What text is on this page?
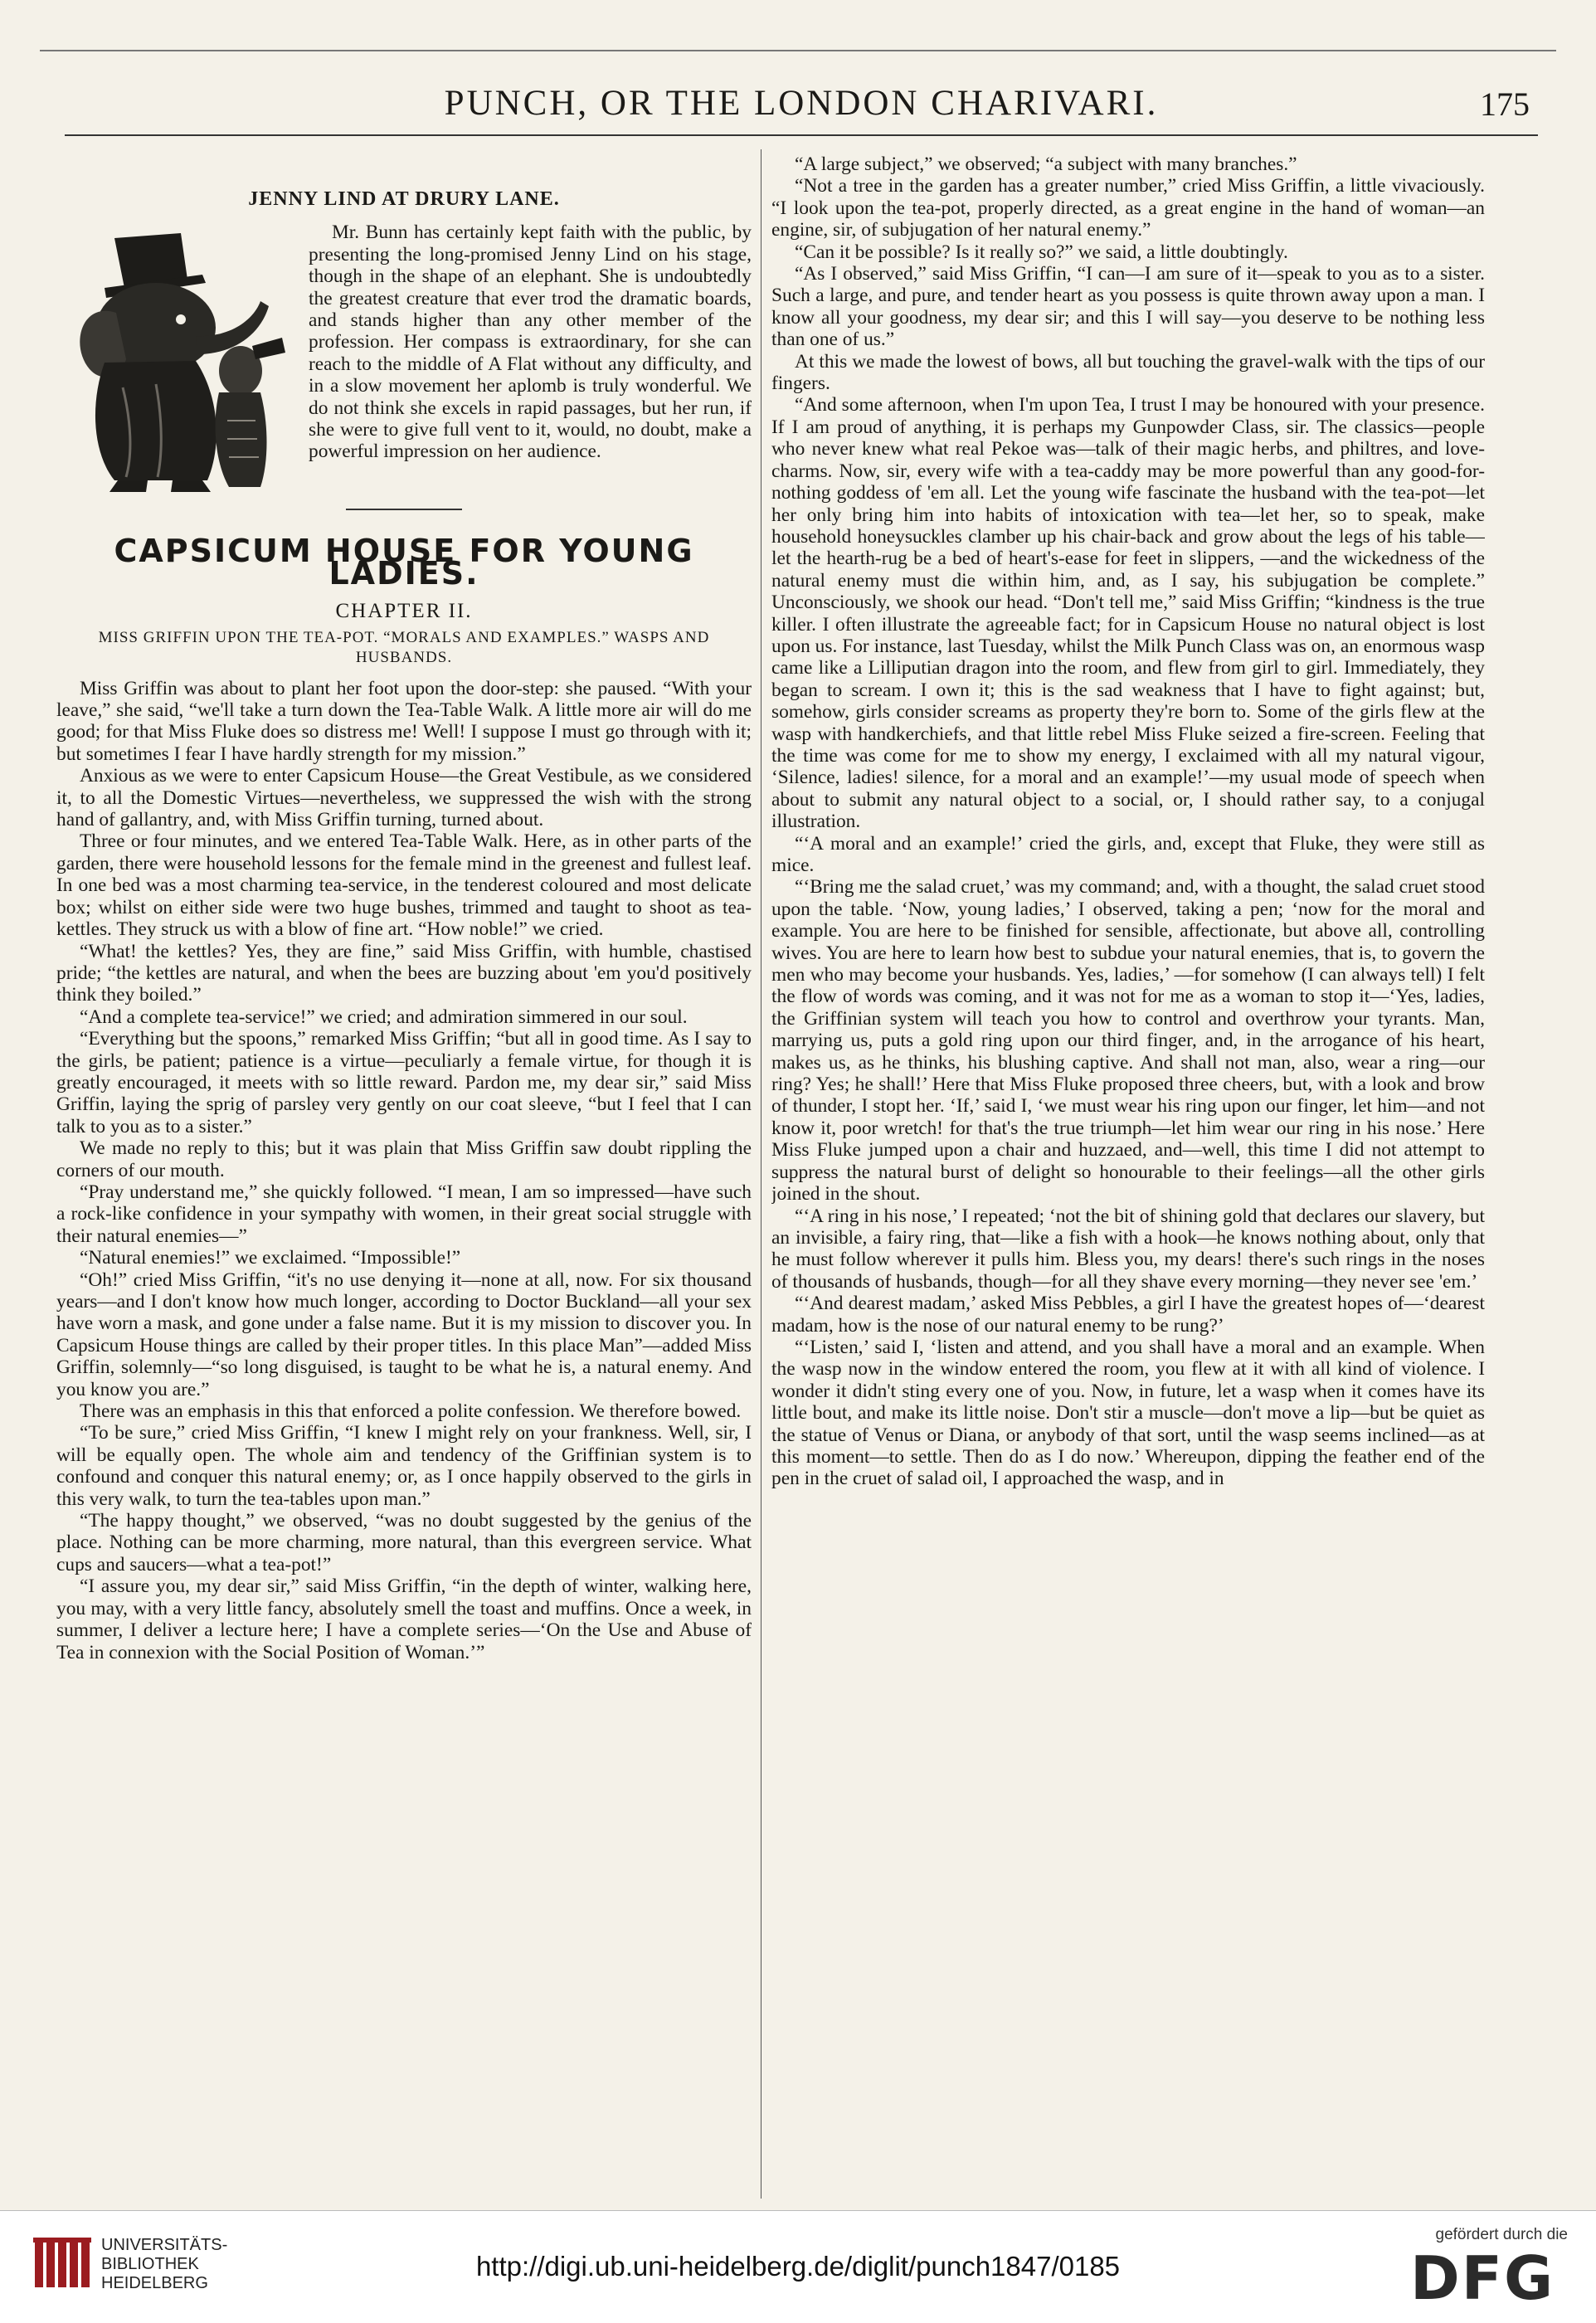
PUNCH, OR THE LONDON CHARIVARI.	175
JENNY LIND AT DRURY LANE.

Mr. Bunn has certainly kept faith with the public, by presenting the long-promised Jenny Lind on his stage, though in the shape of an elephant. She is undoubtedly the greatest creature that ever trod the dramatic boards, and stands higher than any other member of the profession. Her compass is extraordinary, for she can reach to the middle of A Flat without any difficulty, and in a slow movement her aplomb is truly wonderful. We do not think she excels in rapid passages, but her run, if she were to give full vent to it, would, no doubt, make a powerful impression on her audience.

CAPSICUM HOUSE FOR YOUNG LADIES.
CHAPTER II.
MISS GRIFFIN UPON THE TEA-POT. “MORALS AND EXAMPLES.” WASPS AND HUSBANDS.

Miss Griffin was about to plant her foot upon the door-step: she paused. “With your leave,” she said, “we'll take a turn down the Tea-Table Walk. A little more air will do me good; for that Miss Fluke does so distress me! Well! I suppose I must go through with it; but sometimes I fear I have hardly strength for my mission.”

Anxious as we were to enter Capsicum House—the Great Vestibule, as we considered it, to all the Domestic Virtues—nevertheless, we suppressed the wish with the strong hand of gallantry, and, with Miss Griffin turning, turned about.

Three or four minutes, and we entered Tea-Table Walk. Here, as in other parts of the garden, there were household lessons for the female mind in the greenest and fullest leaf. In one bed was a most charming tea-service, in the tenderest coloured and most delicate box; whilst on either side were two huge bushes, trimmed and taught to shoot as tea-kettles. They struck us with a blow of fine art. “How noble!” we cried.

“What! the kettles? Yes, they are fine,” said Miss Griffin, with humble, chastised pride; “the kettles are natural, and when the bees are buzzing about 'em you'd positively think they boiled.”

“And a complete tea-service!” we cried; and admiration simmered in our soul.

“Everything but the spoons,” remarked Miss Griffin; “but all in good time. As I say to the girls, be patient; patience is a virtue—peculiarly a female virtue, for though it is greatly encouraged, it meets with so little reward. Pardon me, my dear sir,” said Miss Griffin, laying the sprig of parsley very gently on our coat sleeve, “but I feel that I can talk to you as to a sister.”

We made no reply to this; but it was plain that Miss Griffin saw doubt rippling the corners of our mouth.

“Pray understand me,” she quickly followed. “I mean, I am so impressed—have such a rock-like confidence in your sympathy with women, in their great social struggle with their natural enemies—”

“Natural enemies!” we exclaimed. “Impossible!”

“Oh!” cried Miss Griffin, “it's no use denying it—none at all, now. For six thousand years—and I don't know how much longer, according to Doctor Buckland—all your sex have worn a mask, and gone under a false name. But it is my mission to discover you. In Capsicum House things are called by their proper titles. In this place Man”—added Miss Griffin, solemnly—“so long disguised, is taught to be what he is, a natural enemy. And you know you are.”

There was an emphasis in this that enforced a polite confession. We therefore bowed.

“To be sure,” cried Miss Griffin, “I knew I might rely on your frankness. Well, sir, I will be equally open. The whole aim and tendency of the Griffinian system is to confound and conquer this natural enemy; or, as I once happily observed to the girls in this very walk, to turn the tea-tables upon man.”

“The happy thought,” we observed, “was no doubt suggested by the genius of the place. Nothing can be more charming, more natural, than this evergreen service. What cups and saucers—what a tea-pot!”

“I assure you, my dear sir,” said Miss Griffin, “in the depth of winter, walking here, you may, with a very little fancy, absolutely smell the toast and muffins. Once a week, in summer, I deliver a lecture here; I have a complete series—‘On the Use and Abuse of Tea in connexion with the Social Position of Woman.’”

“A large subject,” we observed; “a subject with many branches.”

“Not a tree in the garden has a greater number,” cried Miss Griffin, a little vivaciously. “I look upon the tea-pot, properly directed, as a great engine in the hand of woman—an engine, sir, of subjugation of her natural enemy.”

“Can it be possible? Is it really so?” we said, a little doubtingly.

“As I observed,” said Miss Griffin, “I can—I am sure of it—speak to you as to a sister. Such a large, and pure, and tender heart as you possess is quite thrown away upon a man. I know all your goodness, my dear sir; and this I will say—you deserve to be nothing less than one of us.”

At this we made the lowest of bows, all but touching the gravel-walk with the tips of our fingers.

“And some afternoon, when I'm upon Tea, I trust I may be honoured with your presence. If I am proud of anything, it is perhaps my Gunpowder Class, sir. The classics—people who never knew what real Pekoe was—talk of their magic herbs, and philtres, and love-charms. Now, sir, every wife with a tea-caddy may be more powerful than any good-for-nothing goddess of 'em all. Let the young wife fascinate the husband with the tea-pot—let her only bring him into habits of intoxication with tea—let her, so to speak, make household honeysuckles clamber up his chair-back and grow about the legs of his table—let the hearth-rug be a bed of heart's-ease for feet in slippers, —and the wickedness of the natural enemy must die within him, and, as I say, his subjugation be complete.” Unconsciously, we shook our head. “Don't tell me,” said Miss Griffin; “kindness is the true killer. I often illustrate the agreeable fact; for in Capsicum House no natural object is lost upon us. For instance, last Tuesday, whilst the Milk Punch Class was on, an enormous wasp came like a Lilliputian dragon into the room, and flew from girl to girl. Immediately, they began to scream. I own it; this is the sad weakness that I have to fight against; but, somehow, girls consider screams as property they're born to. Some of the girls flew at the wasp with handkerchiefs, and that little rebel Miss Fluke seized a fire-screen. Feeling that the time was come for me to show my energy, I exclaimed with all my natural vigour, ‘Silence, ladies! silence, for a moral and an example!’—my usual mode of speech when about to submit any natural object to a social, or, I should rather say, to a conjugal illustration.

“‘A moral and an example!’ cried the girls, and, except that Fluke, they were still as mice.

“‘Bring me the salad cruet,’ was my command; and, with a thought, the salad cruet stood upon the table. ‘Now, young ladies,’ I observed, taking a pen; ‘now for the moral and example. You are here to be finished for sensible, affectionate, but above all, controlling wives. You are here to learn how best to subdue your natural enemies, that is, to govern the men who may become your husbands. Yes, ladies,’ —for somehow (I can always tell) I felt the flow of words was coming, and it was not for me as a woman to stop it—‘Yes, ladies, the Griffinian system will teach you how to control and overthrow your tyrants. Man, marrying us, puts a gold ring upon our third finger, and, in the arrogance of his heart, makes us, as he thinks, his blushing captive. And shall not man, also, wear a ring—our ring? Yes; he shall!’ Here that Miss Fluke proposed three cheers, but, with a look and brow of thunder, I stopt her. ‘If,’ said I, ‘we must wear his ring upon our finger, let him—and not know it, poor wretch! for that's the true triumph—let him wear our ring in his nose.’ Here Miss Fluke jumped upon a chair and huzzaed, and—well, this time I did not attempt to suppress the natural burst of delight so honourable to their feelings—all the other girls joined in the shout.

“‘A ring in his nose,’ I repeated; ‘not the bit of shining gold that declares our slavery, but an invisible, a fairy ring, that—like a fish with a hook—he knows nothing about, only that he must follow wherever it pulls him. Bless you, my dears! there's such rings in the noses of thousands of husbands, though—for all they shave every morning—they never see 'em.’

“‘And dearest madam,’ asked Miss Pebbles, a girl I have the greatest hopes of—‘dearest madam, how is the nose of our natural enemy to be rung?’

“‘Listen,’ said I, ‘listen and attend, and you shall have a moral and an example. When the wasp now in the window entered the room, you flew at it with all kind of violence. I wonder it didn't sting every one of you. Now, in future, let a wasp when it comes have its little bout, and make its little noise. Don't stir a muscle—don't move a lip—but be quiet as the statue of Venus or Diana, or anybody of that sort, until the wasp seems inclined—as at this moment—to settle. Then do as I do now.’ Whereupon, dipping the feather end of the pen in the cruet of salad oil, I approached the wasp, and in

UNIVERSITÄTS-
BIBLIOTHEK
HEIDELBERG
http://digi.ub.uni-heidelberg.de/diglit/punch1847/0185
gefördert durch die
DFG
